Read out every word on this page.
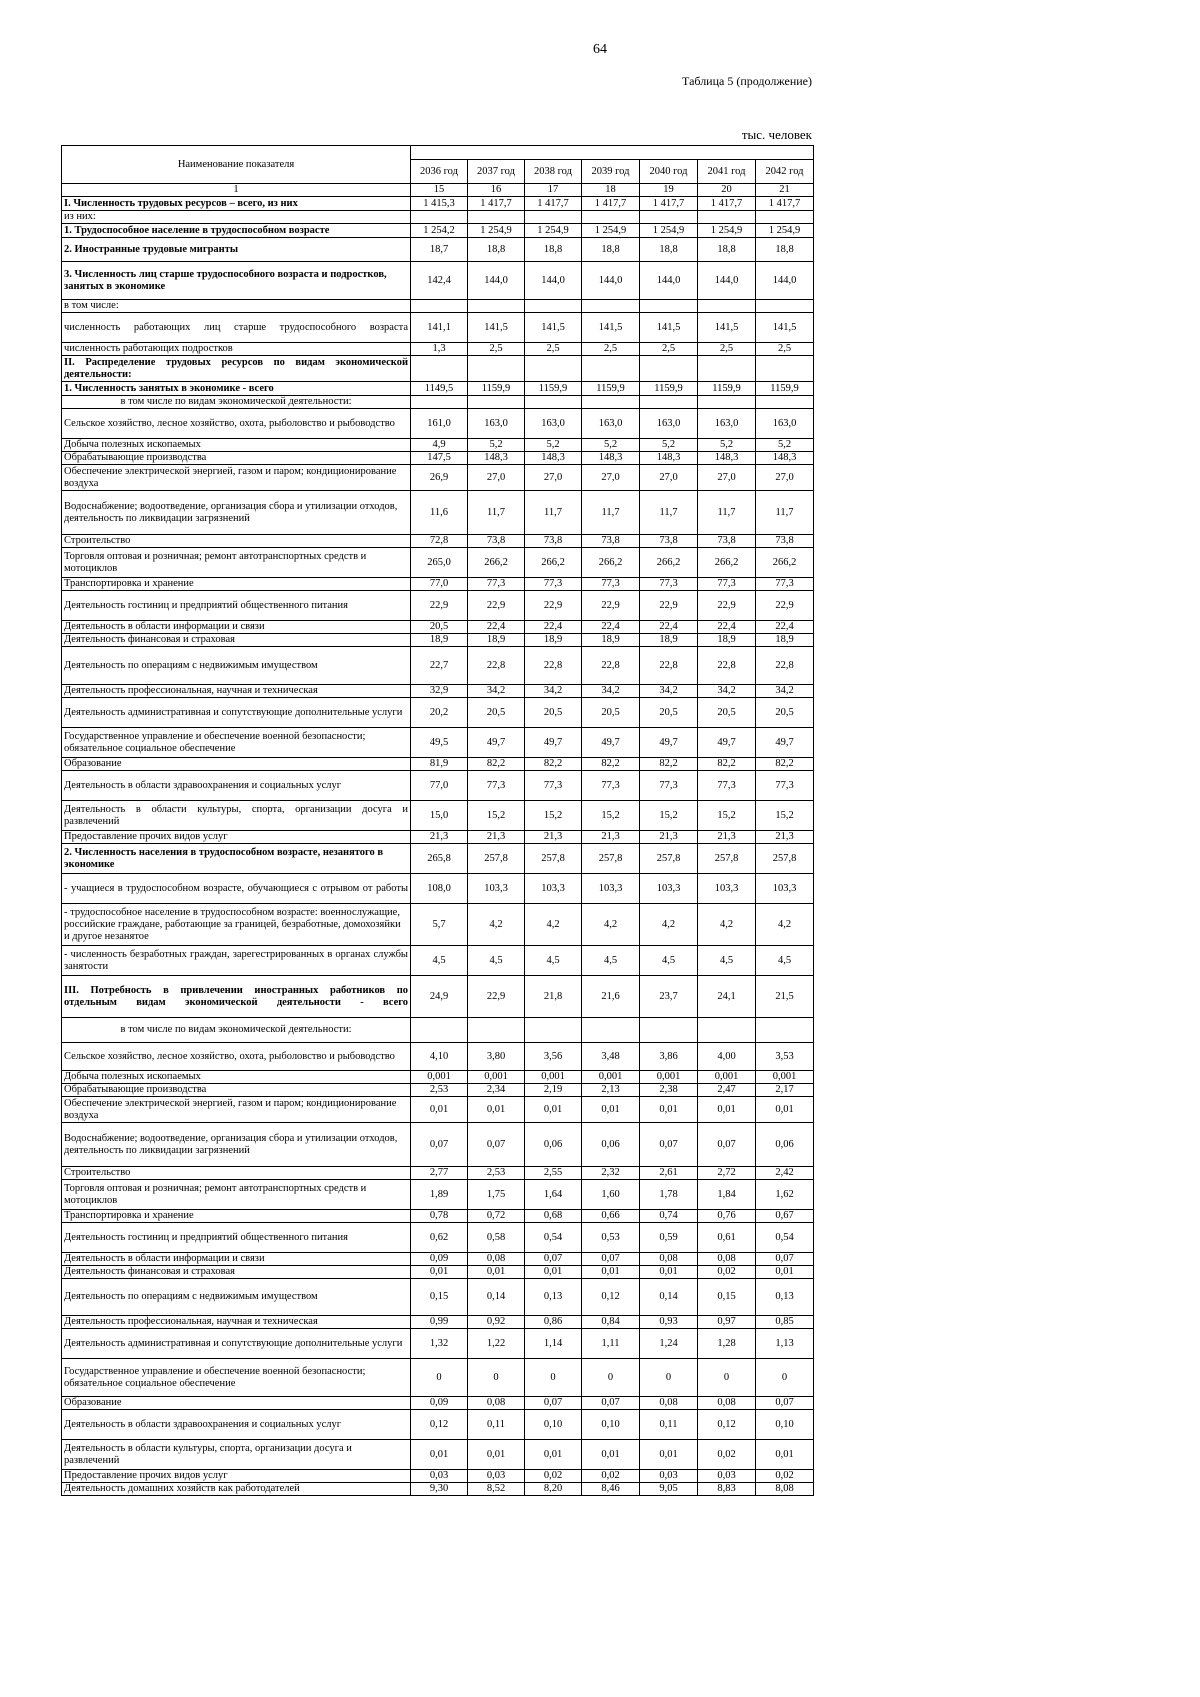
64
Таблица 5 (продолжение)
тыс. человек
Наименование показателя							
	2036 год	2037 год	2038 год	2039 год	2040 год	2041 год	2042 год
1	15	16	17	18	19	20	21
I. Численность трудовых ресурсов – всего, из них	1 415,3	1 417,7	1 417,7	1 417,7	1 417,7	1 417,7	1 417,7
из них:							
1. Трудоспособное население в трудоспособном возрасте	1 254,2	1 254,9	1 254,9	1 254,9	1 254,9	1 254,9	1 254,9
2. Иностранные трудовые мигранты	18,7	18,8	18,8	18,8	18,8	18,8	18,8
3. Численность лиц старше трудоспособного возраста и подростков, занятых в экономике	142,4	144,0	144,0	144,0	144,0	144,0	144,0
в том числе:							
численность работающих лиц старше трудоспособного возраста	141,1	141,5	141,5	141,5	141,5	141,5	141,5
численность работающих подростков	1,3	2,5	2,5	2,5	2,5	2,5	2,5
II. Распределение трудовых ресурсов по видам экономической деятельности:							
1. Численность занятых в экономике - всего	1149,5	1159,9	1159,9	1159,9	1159,9	1159,9	1159,9
в том числе по видам экономической деятельности:							
Сельское хозяйство, лесное хозяйство, охота, рыболовство и рыбоводство	161,0	163,0	163,0	163,0	163,0	163,0	163,0
Добыча полезных ископаемых	4,9	5,2	5,2	5,2	5,2	5,2	5,2
Обрабатывающие производства	147,5	148,3	148,3	148,3	148,3	148,3	148,3
Обеспечение электрической энергией, газом и паром; кондиционирование воздуха	26,9	27,0	27,0	27,0	27,0	27,0	27,0
Водоснабжение; водоотведение, организация сбора и утилизации отходов, деятельность по ликвидации загрязнений	11,6	11,7	11,7	11,7	11,7	11,7	11,7
Строительство	72,8	73,8	73,8	73,8	73,8	73,8	73,8
Торговля оптовая и розничная; ремонт автотранспортных средств и мотоциклов	265,0	266,2	266,2	266,2	266,2	266,2	266,2
Транспортировка и хранение	77,0	77,3	77,3	77,3	77,3	77,3	77,3
Деятельность гостиниц и предприятий общественного питания	22,9	22,9	22,9	22,9	22,9	22,9	22,9
Деятельность в области информации и связи	20,5	22,4	22,4	22,4	22,4	22,4	22,4
Деятельность финансовая и страховая	18,9	18,9	18,9	18,9	18,9	18,9	18,9
Деятельность по операциям с недвижимым имуществом	22,7	22,8	22,8	22,8	22,8	22,8	22,8
Деятельность профессиональная, научная и техническая	32,9	34,2	34,2	34,2	34,2	34,2	34,2
Деятельность административная и сопутствующие дополнительные услуги	20,2	20,5	20,5	20,5	20,5	20,5	20,5
Государственное управление и обеспечение военной безопасности; обязательное социальное обеспечение	49,5	49,7	49,7	49,7	49,7	49,7	49,7
Образование	81,9	82,2	82,2	82,2	82,2	82,2	82,2
Деятельность в области здравоохранения и социальных услуг	77,0	77,3	77,3	77,3	77,3	77,3	77,3
Деятельность в области культуры, спорта, организации досуга и развлечений	15,0	15,2	15,2	15,2	15,2	15,2	15,2
Предоставление прочих видов услуг	21,3	21,3	21,3	21,3	21,3	21,3	21,3
2. Численность населения в трудоспособном возрасте, незанятого в экономике	265,8	257,8	257,8	257,8	257,8	257,8	257,8
- учащиеся в трудоспособном возрасте, обучающиеся с отрывом от работы	108,0	103,3	103,3	103,3	103,3	103,3	103,3
- трудоспособное население в трудоспособном возрасте: военнослужащие, российские граждане, работающие за границей, безработные, домохозяйки и другое незанятое	5,7	4,2	4,2	4,2	4,2	4,2	4,2
- численность безработных граждан, зарегестрированных в органах службы занятости	4,5	4,5	4,5	4,5	4,5	4,5	4,5
III. Потребность в привлечении иностранных работников по отдельным видам экономической деятельности - всего	24,9	22,9	21,8	21,6	23,7	24,1	21,5
в том числе по видам экономической деятельности:							
Сельское хозяйство, лесное хозяйство, охота, рыболовство и рыбоводство	4,10	3,80	3,56	3,48	3,86	4,00	3,53
Добыча полезных ископаемых	0,001	0,001	0,001	0,001	0,001	0,001	0,001
Обрабатывающие производства	2,53	2,34	2,19	2,13	2,38	2,47	2,17
Обеспечение электрической энергией, газом и паром; кондиционирование воздуха	0,01	0,01	0,01	0,01	0,01	0,01	0,01
Водоснабжение; водоотведение, организация сбора и утилизации отходов, деятельность по ликвидации загрязнений	0,07	0,07	0,06	0,06	0,07	0,07	0,06
Строительство	2,77	2,53	2,55	2,32	2,61	2,72	2,42
Торговля оптовая и розничная; ремонт автотранспортных средств и мотоциклов	1,89	1,75	1,64	1,60	1,78	1,84	1,62
Транспортировка и хранение	0,78	0,72	0,68	0,66	0,74	0,76	0,67
Деятельность гостиниц и предприятий общественного питания	0,62	0,58	0,54	0,53	0,59	0,61	0,54
Деятельность в области информации и связи	0,09	0,08	0,07	0,07	0,08	0,08	0,07
Деятельность финансовая и страховая	0,01	0,01	0,01	0,01	0,01	0,02	0,01
Деятельность по операциям с недвижимым имуществом	0,15	0,14	0,13	0,12	0,14	0,15	0,13
Деятельность профессиональная, научная и техническая	0,99	0,92	0,86	0,84	0,93	0,97	0,85
Деятельность административная и сопутствующие дополнительные услуги	1,32	1,22	1,14	1,11	1,24	1,28	1,13
Государственное управление и обеспечение военной безопасности; обязательное социальное обеспечение	0	0	0	0	0	0	0
Образование	0,09	0,08	0,07	0,07	0,08	0,08	0,07
Деятельность в области здравоохранения и социальных услуг	0,12	0,11	0,10	0,10	0,11	0,12	0,10
Деятельность в области культуры, спорта, организации досуга и развлечений	0,01	0,01	0,01	0,01	0,01	0,02	0,01
Предоставление прочих видов услуг	0,03	0,03	0,02	0,02	0,03	0,03	0,02
Деятельность домашних хозяйств как работодателей	9,30	8,52	8,20	8,46	9,05	8,83	8,08
